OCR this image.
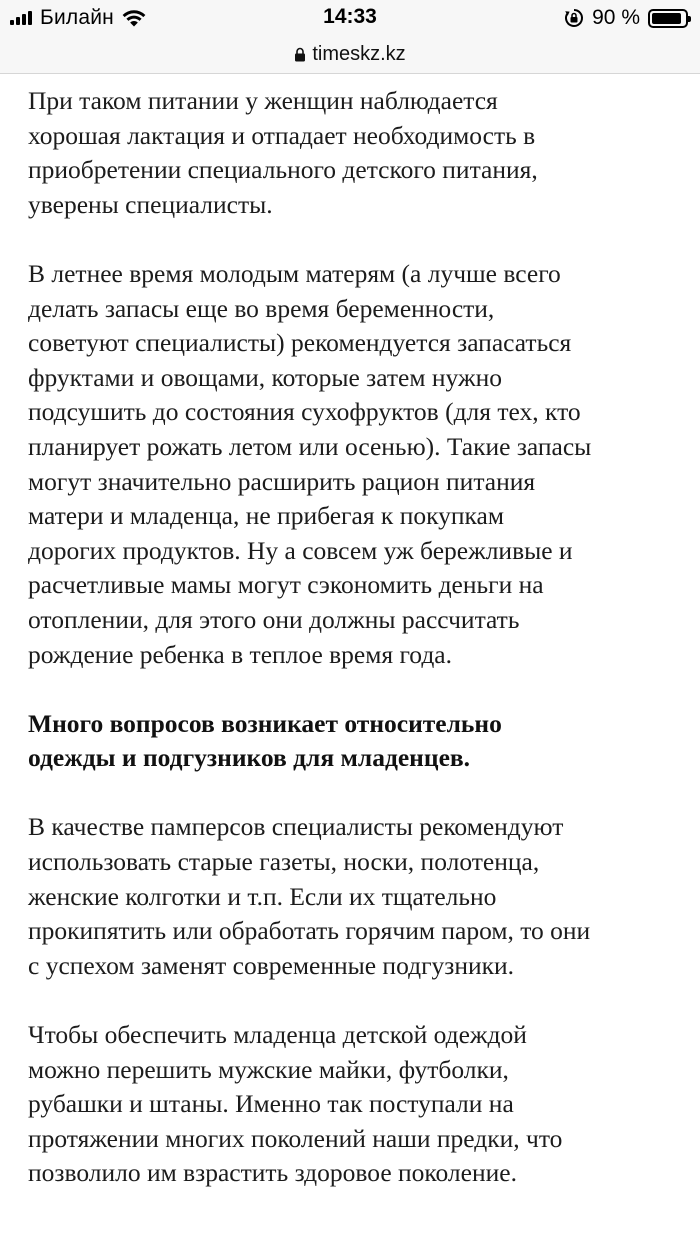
Билайн	14:33	90 %
timeskz.kz

При таком питании у женщин наблюдается
хорошая лактация и отпадает необходимость в
приобретении специального детского питания,
уверены специалисты.

В летнее время молодым матерям (а лучше всего
делать запасы еще во время беременности,
советуют специалисты) рекомендуется запасаться
фруктами и овощами, которые затем нужно
подсушить до состояния сухофруктов (для тех, кто
планирует рожать летом или осенью). Такие запасы
могут значительно расширить рацион питания
матери и младенца, не прибегая к покупкам
дорогих продуктов. Ну а совсем уж бережливые и
расчетливые мамы могут сэкономить деньги на
отоплении, для этого они должны рассчитать
рождение ребенка в теплое время года.

Много вопросов возникает относительно
одежды и подгузников для младенцев.

В качестве памперсов специалисты рекомендуют
использовать старые газеты, носки, полотенца,
женские колготки и т.п. Если их тщательно
прокипятить или обработать горячим паром, то они
с успехом заменят современные подгузники.

Чтобы обеспечить младенца детской одеждой
можно перешить мужские майки, футболки,
рубашки и штаны. Именно так поступали на
протяжении многих поколений наши предки, что
позволило им взрастить здоровое поколение.
